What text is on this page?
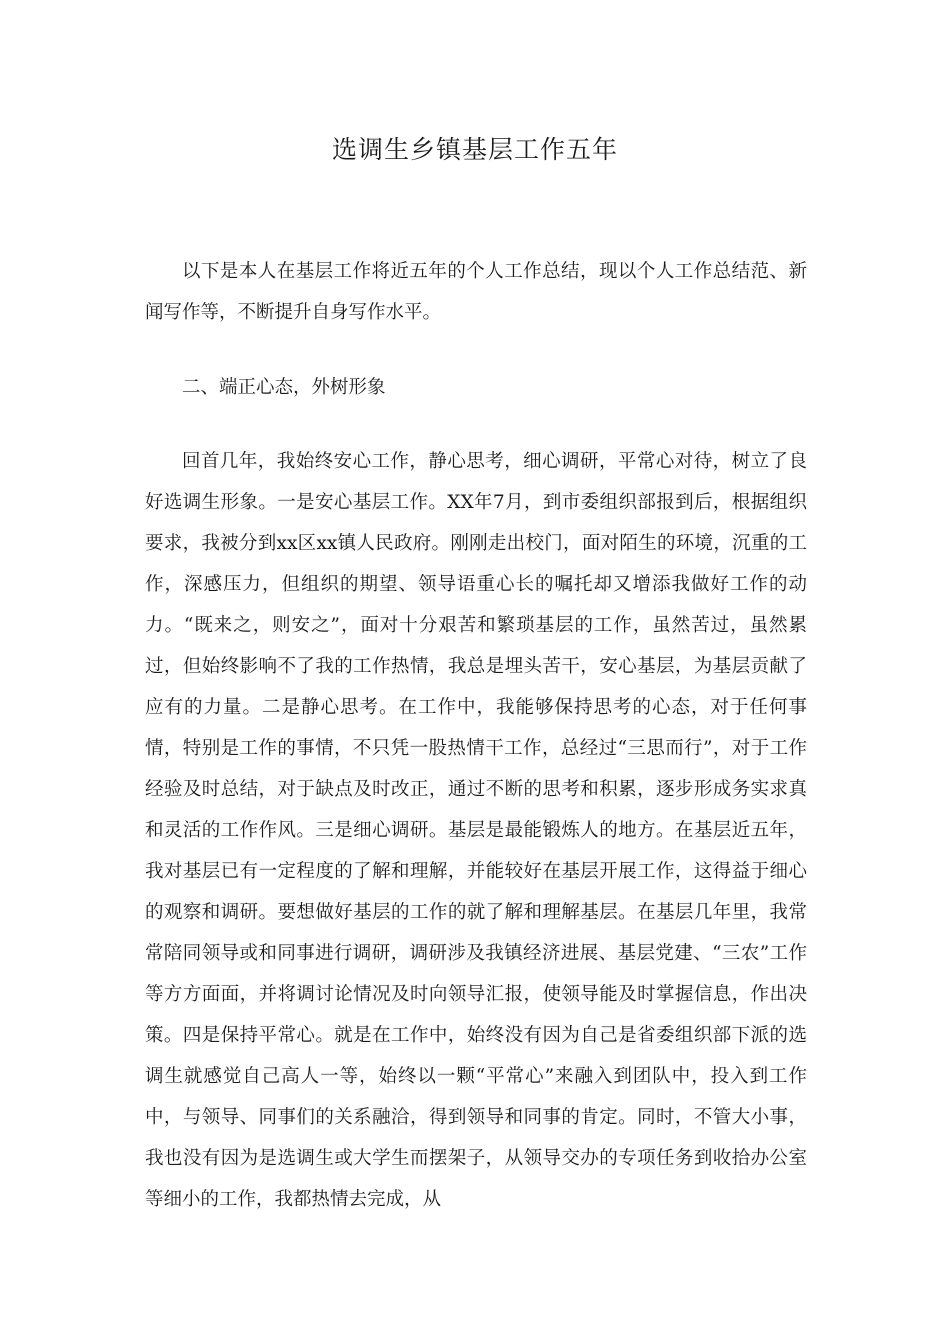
选调生乡镇基层工作五年

以下是本人在基层工作将近五年的个人工作总结，现以个人工作总结范、新闻写作等，不断提升自身写作水平。

二、端正心态，外树形象

回首几年，我始终安心工作，静心思考，细心调研，平常心对待，树立了良好选调生形象。一是安心基层工作。XX年7月，到市委组织部报到后，根据组织要求，我被分到xx区xx镇人民政府。刚刚走出校门，面对陌生的环境，沉重的工作，深感压力，但组织的期望、领导语重心长的嘱托却又增添我做好工作的动力。“既来之，则安之”，面对十分艰苦和繁琐基层的工作，虽然苦过，虽然累过，但始终影响不了我的工作热情，我总是埋头苦干，安心基层，为基层贡献了应有的力量。二是静心思考。在工作中，我能够保持思考的心态，对于任何事情，特别是工作的事情，不只凭一股热情干工作，总经过“三思而行”，对于工作经验及时总结，对于缺点及时改正，通过不断的思考和积累，逐步形成务实求真和灵活的工作作风。三是细心调研。基层是最能锻炼人的地方。在基层近五年，我对基层已有一定程度的了解和理解，并能较好在基层开展工作，这得益于细心的观察和调研。要想做好基层的工作的就了解和理解基层。在基层几年里，我常常陪同领导或和同事进行调研，调研涉及我镇经济进展、基层党建、“三农”工作等方方面面，并将调讨论情况及时向领导汇报，使领导能及时掌握信息，作出决策。四是保持平常心。就是在工作中，始终没有因为自己是省委组织部下派的选调生就感觉自己高人一等，始终以一颗“平常心”来融入到团队中，投入到工作中，与领导、同事们的关系融洽，得到领导和同事的肯定。同时，不管大小事，我也没有因为是选调生或大学生而摆架子，从领导交办的专项任务到收拾办公室等细小的工作，我都热情去完成，从
